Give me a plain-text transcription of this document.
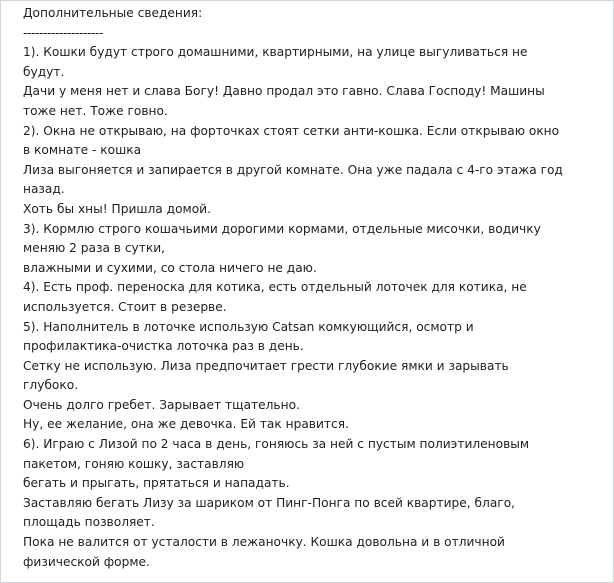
Дополнительные сведения:
--------------------
1). Кошки будут строго домашними, квартирными, на улице выгуливаться не
будут.
Дачи у меня нет и слава Богу! Давно продал это гавно. Слава Господу! Машины
тоже нет. Тоже говно.
2). Окна не открываю, на форточках стоят сетки анти-кошка. Если открываю окно
в комнате - кошка
Лиза выгоняется и запирается в другой комнате. Она уже падала с 4-го этажа год
назад.
Хоть бы хны! Пришла домой.
3). Кормлю строго кошачьими дорогими кормами, отдельные мисочки, водичку
меняю 2 раза в сутки,
влажными и сухими, со стола ничего не даю.
4). Есть проф. переноска для котика, есть отдельный лоточек для котика, не
используется. Стоит в резерве.
5). Наполнитель в лоточке использую Catsan комкующийся, осмотр и
профилактика-очистка лоточка раз в день.
Сетку не использую. Лиза предпочитает грести глубокие ямки и зарывать
глубоко.
Очень долго гребет. Зарывает тщательно.
Ну, ее желание, она же девочка. Ей так нравится.
6). Играю с Лизой по 2 часа в день, гоняюсь за ней с пустым полиэтиленовым
пакетом, гоняю кошку, заставляю
бегать и прыгать, прятаться и нападать.
Заставляю бегать Лизу за шариком от Пинг-Понга по всей квартире, благо,
площадь позволяет.
Пока не валится от усталости в лежаночку. Кошка довольна и в отличной
физической форме.
